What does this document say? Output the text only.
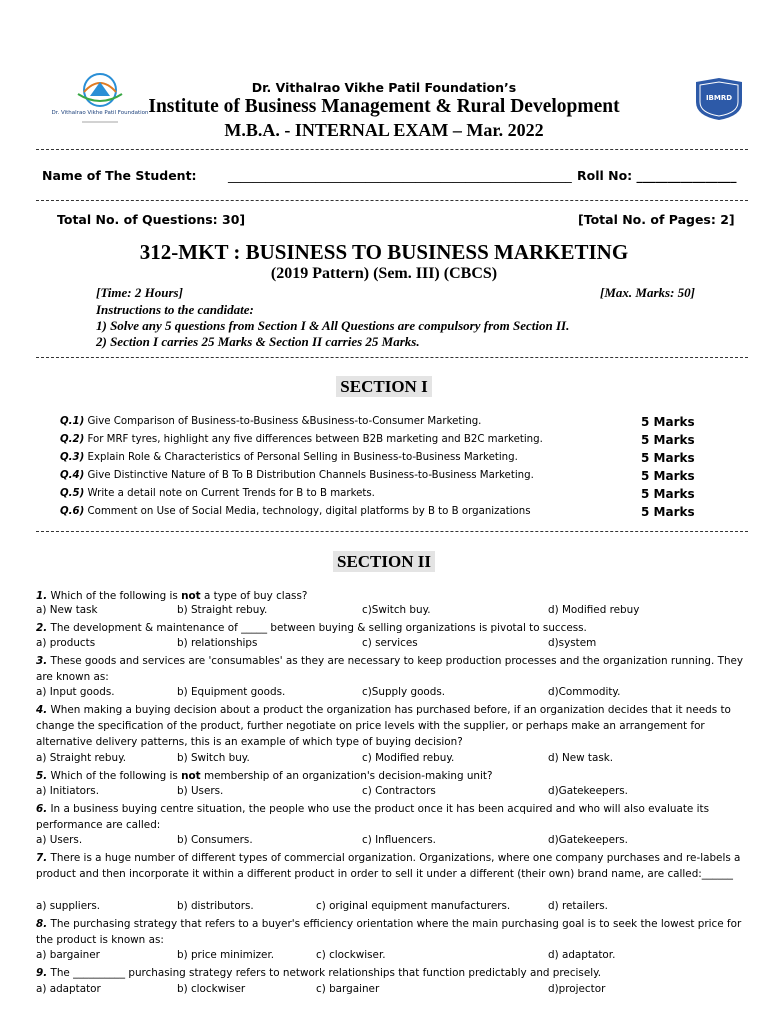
Dr. Vithalrao Vikhe Patil Foundation
IBMRD
Dr. Vithalrao Vikhe Patil Foundation’s
Institute of Business Management & Rural Development
M.B.A. - INTERNAL EXAM – Mar. 2022
Name of The Student:	_______________________________________________________ Roll No: ________________
Total No. of Questions: 30]	[Total No. of Pages: 2]
312-MKT : BUSINESS TO BUSINESS MARKETING
(2019 Pattern) (Sem. III) (CBCS)
[Time: 2 Hours]	[Max. Marks: 50]
Instructions to the candidate:
1) Solve any 5 questions from Section I & All Questions are compulsory from Section II.
2) Section I carries 25 Marks & Section II carries 25 Marks.
SECTION I
Q.1) Give Comparison of Business-to-Business &Business-to-Consumer Marketing.	5 Marks
Q.2) For MRF tyres, highlight any five differences between B2B marketing and B2C marketing.	5 Marks
Q.3) Explain Role & Characteristics of Personal Selling in Business-to-Business Marketing.	5 Marks
Q.4) Give Distinctive Nature of B To B Distribution Channels Business-to-Business Marketing.	5 Marks
Q.5) Write a detail note on Current Trends for B to B markets.	5 Marks
Q.6) Comment on Use of Social Media, technology, digital platforms by B to B organizations	5 Marks
SECTION II
1. Which of the following is not a type of buy class?
a) New task	b) Straight rebuy.	c)Switch buy.	d) Modified rebuy
2. The development & maintenance of _____ between buying & selling organizations is pivotal to success.
a) products	b) relationships	c) services	d)system
3. These goods and services are 'consumables' as they are necessary to keep production processes and the organization running. They are known as:
a) Input goods.	b) Equipment goods.	c)Supply goods.	d)Commodity.
4. When making a buying decision about a product the organization has purchased before, if an organization decides that it needs to change the specification of the product, further negotiate on price levels with the supplier, or perhaps make an arrangement for alternative delivery patterns, this is an example of which type of buying decision?
a) Straight rebuy.	b) Switch buy.	c) Modified rebuy.	d) New task.
5. Which of the following is not membership of an organization's decision-making unit?
a) Initiators.	b) Users.	c) Contractors	d)Gatekeepers.
6. In a business buying centre situation, the people who use the product once it has been acquired and who will also evaluate its performance are called:
a) Users.	b) Consumers.	c) Influencers.	d)Gatekeepers.
7. There is a huge number of different types of commercial organization. Organizations, where one company purchases and re-labels a product and then incorporate it within a different product in order to sell it under a different (their own) brand name, are called:______
a) suppliers.	b) distributors.	c) original equipment manufacturers.	d) retailers.
8. The purchasing strategy that refers to a buyer's efficiency orientation where the main purchasing goal is to seek the lowest price for the product is known as:
a) bargainer	b) price minimizer.	c) clockwiser.	d) adaptator.
9. The __________ purchasing strategy refers to network relationships that function predictably and precisely.
a) adaptator	b) clockwiser	c) bargainer	d)projector
